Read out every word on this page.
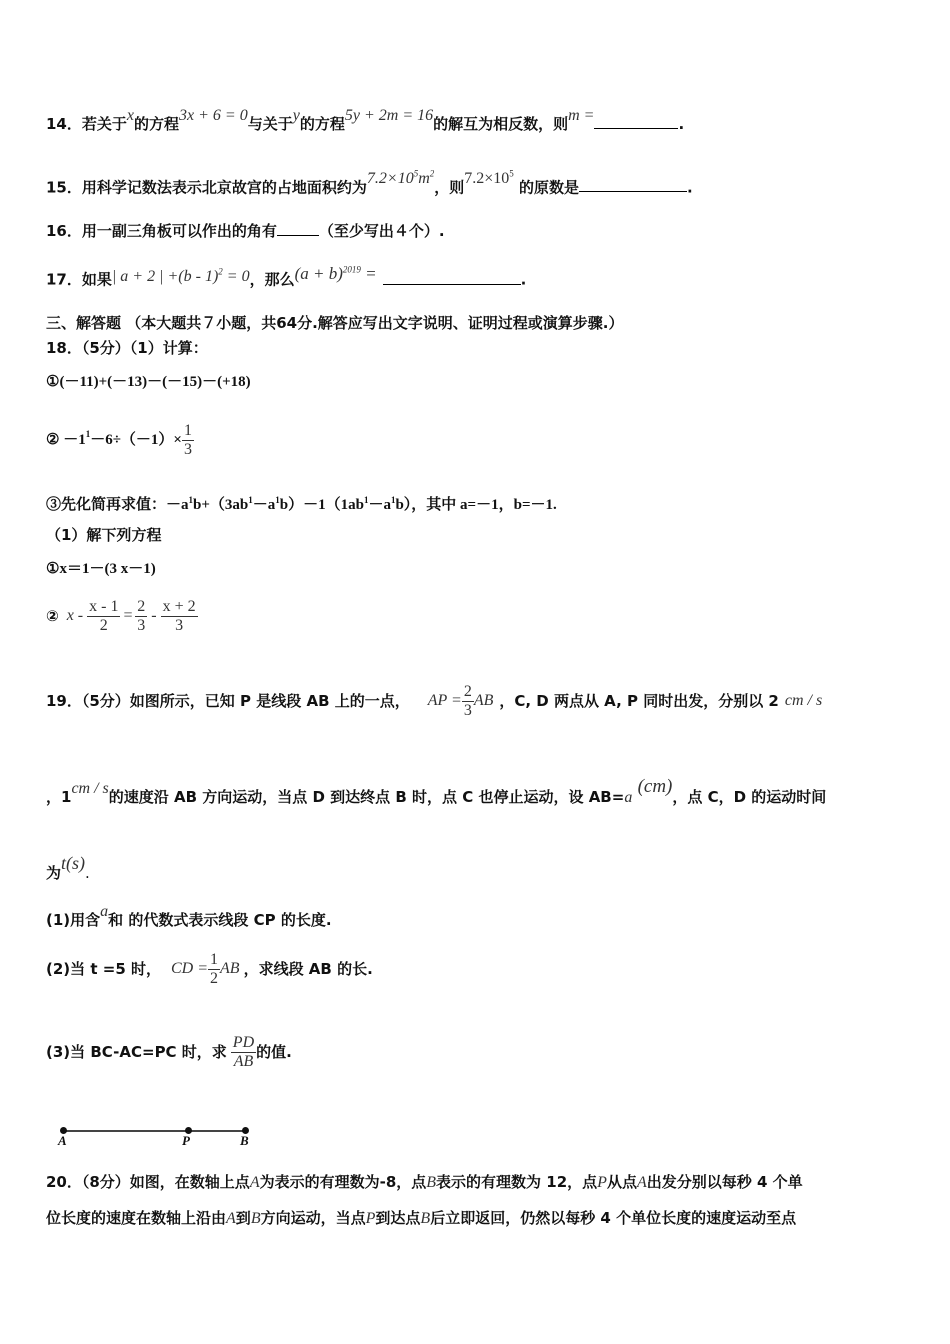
14．若关于x的方程3x + 6 = 0与关于y的方程5y + 2m = 16的解互为相反数，则m =	.
15．用科学记数法表示北京故宫的占地面积约为$7.2\times 10^5m^2$，则$7.2\times 10^5$ 的原数是	.
16．用一副三角板可以作出的角有	（至少写出４个）.
17．如果| a + 2 | +(b - 1)$^2$ = 0，那么$(a + b)^{2019}$ =	.
三、解答题 （本大题共７小题，共64分.解答应写出文字说明、证明过程或演算步骤.）
18．（5分）（1）计算：
①(－11)+(－13)－(－15)－(+18)
② $-1^1 -6\div(-1)\times \frac{1}{3}$
③先化简再求值：$-a^1b+(3ab^1-a^1b)-1(1ab^1-a^1b)$，其中 a=－1，b=－1.
（1）解下列方程
①x＝1－(3 x－1)
② $x - \frac{x - 1}{2} = \frac{2}{3} - \frac{x + 2}{3}$
19．（5分）如图所示，已知 P 是线段 AB 上的一点， AP = $\frac{2}{3}$ AB ，C, D 两点从 A, P 同时出发，分别以 2 cm / s
，1cm / s的速度沿 AB 方向运动，当点 D 到达终点 B 时，点 C 也停止运动，设 AB=a (cm)，点 C，D 的运动时间
为t(s).
(1)用含a和 的代数式表示线段 CP 的长度.
(2)当 t =5 时， CD = $\frac{1}{2}$ AB ，求线段 AB 的长.
(3)当 BC-AC=PC 时，求 $\frac{PD}{AB}$ 的值.
A	P	B
20．（8分）如图，在数轴上点A为表示的有理数为-8，点B表示的有理数为 12，点P从点A出发分别以每秒 4 个单
位长度的速度在数轴上沿由A到B方向运动，当点P到达点B后立即返回，仍然以每秒 4 个单位长度的速度运动至点
